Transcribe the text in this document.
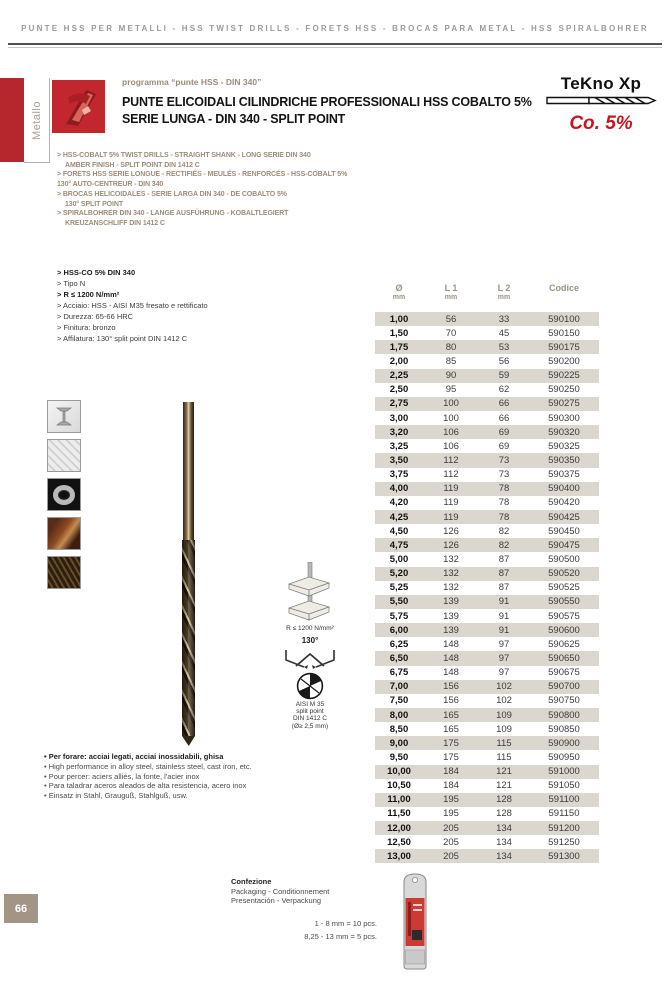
PUNTE HSS PER METALLI - HSS TWIST DRILLS - FORETS HSS - BROCAS PARA METAL - HSS SPIRALBOHRER
Metallo
programma “punte HSS - DIN 340”
PUNTE ELICOIDALI CILINDRICHE PROFESSIONALI HSS COBALTO 5%
SERIE LUNGA - DIN 340 - SPLIT POINT
TeKno Xp
Co. 5%
> HSS-COBALT 5% TWIST DRILLS - STRAIGHT SHANK - LONG SERIE DIN 340
AMBER FINISH - SPLIT POINT DIN 1412 C
> FORETS HSS SERIE LONGUE - RECTIFIÉS - MEULÉS - RENFORCÉS - HSS-COBALT 5%
130° AUTO-CENTREUR - DIN 340
> BROCAS HELICOIDALES - SERIE LARGA DIN 340 - DE COBALTO 5%
130° SPLIT POINT
> SPIRALBOHRER DIN 340 - LANGE AUSFÜHRUNG - KOBALTLEGIERT
KREUZANSCHLIFF DIN 1412 C
> HSS-CO 5% DIN 340
> Tipo N
> R ≤ 1200 N/mm²
> Acciaio: HSS - AISI M35 fresato e rettificato
> Durezza: 65-66 HRC
> Finitura: bronzo
> Affilatura: 130° split point DIN 1412 C
R ≤ 1200 N/mm²
130°
AISI M 35
split point
DIN 1412 C
(Ø≥ 2,5 mm)
• Per forare: acciai legati, acciai inossidabili, ghisa
• High performance in alloy steel, stainless steel, cast iron, etc.
• Pour percer: aciers alliés, la fonte, l'acier inox
• Para taladrar aceros aleados de alta resistencia, acero inox
• Einsatz in Stahl, Grauguß, Stahlguß, usw.
Confezione
Packaging - Conditionnement
Presentación - Verpackung
1 - 8 mm = 10 pcs.
8,25 - 13 mm = 5 pcs.
66
Ø
mm
L 1
mm
L 2
mm
Codice
1,00	56	33	590100
1,50	70	45	590150
1,75	80	53	590175
2,00	85	56	590200
2,25	90	59	590225
2,50	95	62	590250
2,75	100	66	590275
3,00	100	66	590300
3,20	106	69	590320
3,25	106	69	590325
3,50	112	73	590350
3,75	112	73	590375
4,00	119	78	590400
4,20	119	78	590420
4,25	119	78	590425
4,50	126	82	590450
4,75	126	82	590475
5,00	132	87	590500
5,20	132	87	590520
5,25	132	87	590525
5,50	139	91	590550
5,75	139	91	590575
6,00	139	91	590600
6,25	148	97	590625
6,50	148	97	590650
6,75	148	97	590675
7,00	156	102	590700
7,50	156	102	590750
8,00	165	109	590800
8,50	165	109	590850
9,00	175	115	590900
9,50	175	115	590950
10,00	184	121	591000
10,50	184	121	591050
11,00	195	128	591100
11,50	195	128	591150
12,00	205	134	591200
12,50	205	134	591250
13,00	205	134	591300
